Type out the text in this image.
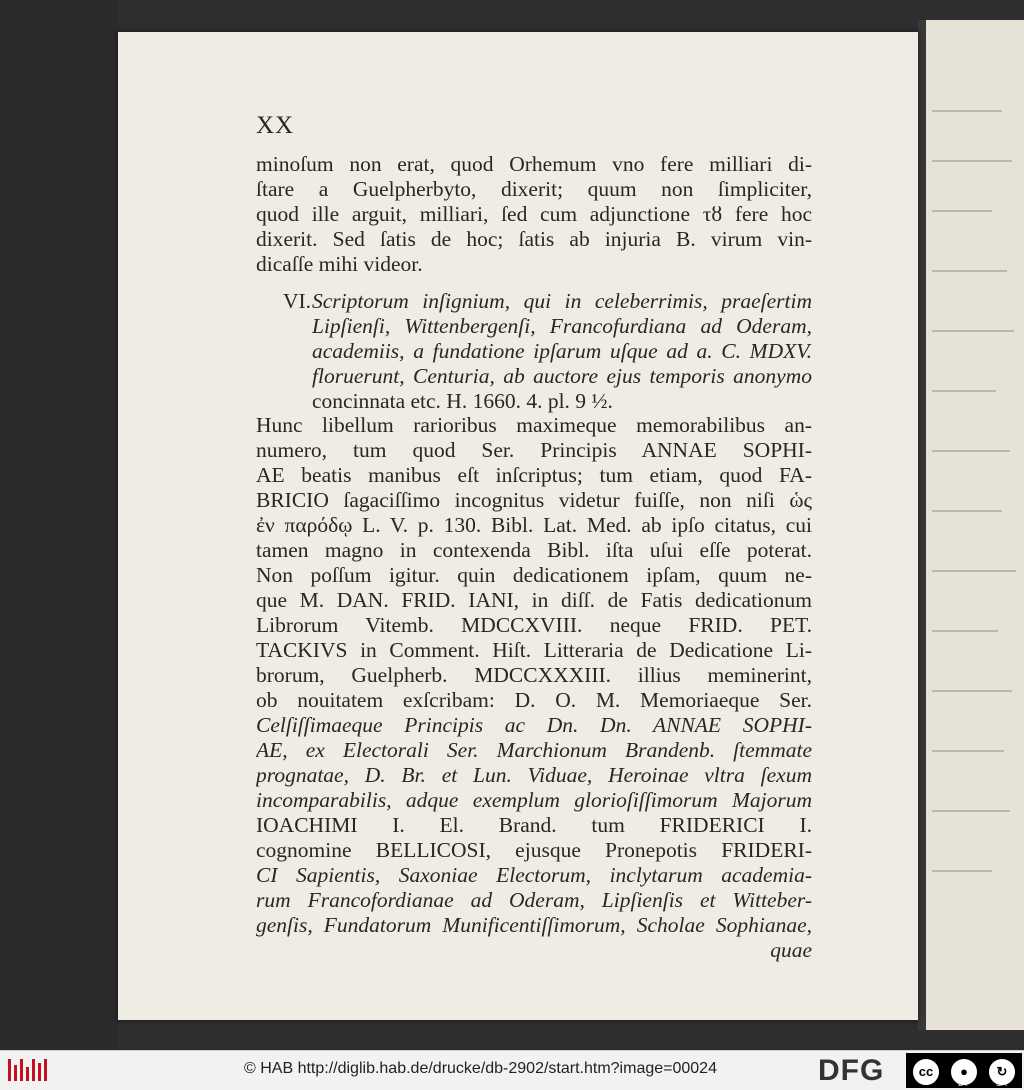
XX
minoſum non erat, quod Orhemum vno fere milliari di-
ſtare a Guelpherbyto, dixerit; quum non ſimpliciter,
quod ille arguit, milliari, ſed cum adjunctione τȣ fere hoc
dixerit. Sed ſatis de hoc; ſatis ab injuria B. virum vin-
dicaſſe mihi videor.
VI. Scriptorum inſignium, qui in celeberrimis, praeſertim
Lipſienſi, Wittenbergenſi, Francofurdiana ad Oderam,
academiis, a fundatione ipſarum uſque ad a. C. MDXV.
floruerunt, Centuria, ab auctore ejus temporis anonymo
concinnata etc. H. 1660. 4. pl. 9 ½.
Hunc libellum rarioribus maximeque memorabilibus an-
numero, tum quod Ser. Principis ANNAE SOPHI-
AE beatis manibus eſt inſcriptus; tum etiam, quod FA-
BRICIO ſagaciſſimo incognitus videtur fuiſſe, non niſi ὡς
ἐν παρόδῳ L. V. p. 130. Bibl. Lat. Med. ab ipſo citatus, cui
tamen magno in contexenda Bibl. iſta uſui eſſe poterat.
Non poſſum igitur. quin dedicationem ipſam, quum ne-
que M. DAN. FRID. IANI, in diſſ. de Fatis dedicationum
Librorum Vitemb. MDCCXVIII. neque FRID. PET.
TACKIVS in Comment. Hiſt. Litteraria de Dedicatione Li-
brorum, Guelpherb. MDCCXXXIII. illius meminerint,
ob nouitatem exſcribam: D. O. M. Memoriaeque Ser.
Celſiſſimaeque Principis ac Dn. Dn. ANNAE SOPHI-
AE, ex Electorali Ser. Marchionum Brandenb. ſtemmate
prognatae, D. Br. et Lun. Viduae, Heroinae vltra ſexum
incomparabilis, adque exemplum glorioſiſſimorum Majorum
IOACHIMI I. El. Brand. tum FRIDERICI I.
cognomine BELLICOSI, ejusque Pronepotis FRIDERI-
CI Sapientis, Saxoniae Electorum, inclytarum academia-
rum Francofordianae ad Oderam, Lipſienſis et Witteber-
genſis, Fundatorum Munificentiſſimorum, Scholae Sophianae,
quae
© HAB http://diglib.hab.de/drucke/db-2902/start.htm?image=00024	DFG	cc	●	↻
BY	SA
